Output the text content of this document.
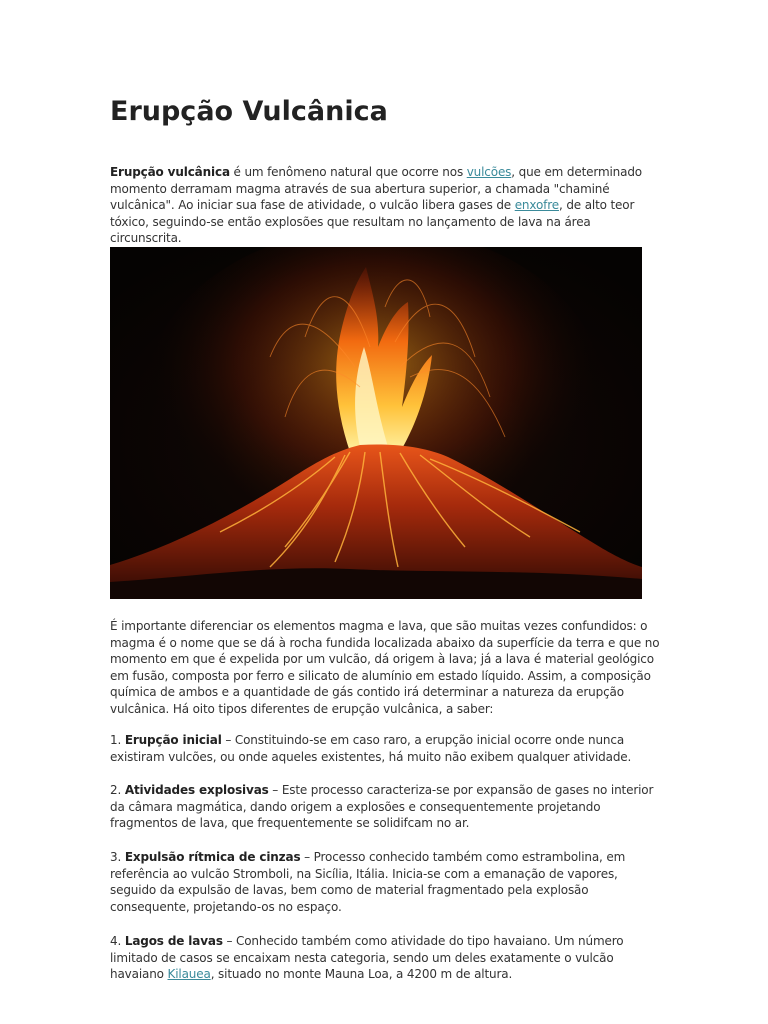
Erupção Vulcânica

Erupção vulcânica é um fenômeno natural que ocorre nos vulcões, que em determinado momento derramam magma através de sua abertura superior, a chamada "chaminé vulcânica". Ao iniciar sua fase de atividade, o vulcão libera gases de enxofre, de alto teor tóxico, seguindo-se então explosões que resultam no lançamento de lava na área circunscrita.

É importante diferenciar os elementos magma e lava, que são muitas vezes confundidos: o magma é o nome que se dá à rocha fundida localizada abaixo da superfície da terra e que no momento em que é expelida por um vulcão, dá origem à lava; já a lava é material geológico em fusão, composta por ferro e silicato de alumínio em estado líquido. Assim, a composição química de ambos e a quantidade de gás contido irá determinar a natureza da erupção vulcânica. Há oito tipos diferentes de erupção vulcânica, a saber:

1. Erupção inicial – Constituindo-se em caso raro, a erupção inicial ocorre onde nunca existiram vulcões, ou onde aqueles existentes, há muito não exibem qualquer atividade.

2. Atividades explosivas – Este processo caracteriza-se por expansão de gases no interior da câmara magmática, dando origem a explosões e consequentemente projetando fragmentos de lava, que frequentemente se solidifcam no ar.

3. Expulsão rítmica de cinzas – Processo conhecido também como estrambolina, em referência ao vulcão Stromboli, na Sicília, Itália. Inicia-se com a emanação de vapores, seguido da expulsão de lavas, bem como de material fragmentado pela explosão consequente, projetando-os no espaço.

4. Lagos de lavas – Conhecido também como atividade do tipo havaiano. Um número limitado de casos se encaixam nesta categoria, sendo um deles exatamente o vulcão havaiano Kilauea, situado no monte Mauna Loa, a 4200 m de altura.
